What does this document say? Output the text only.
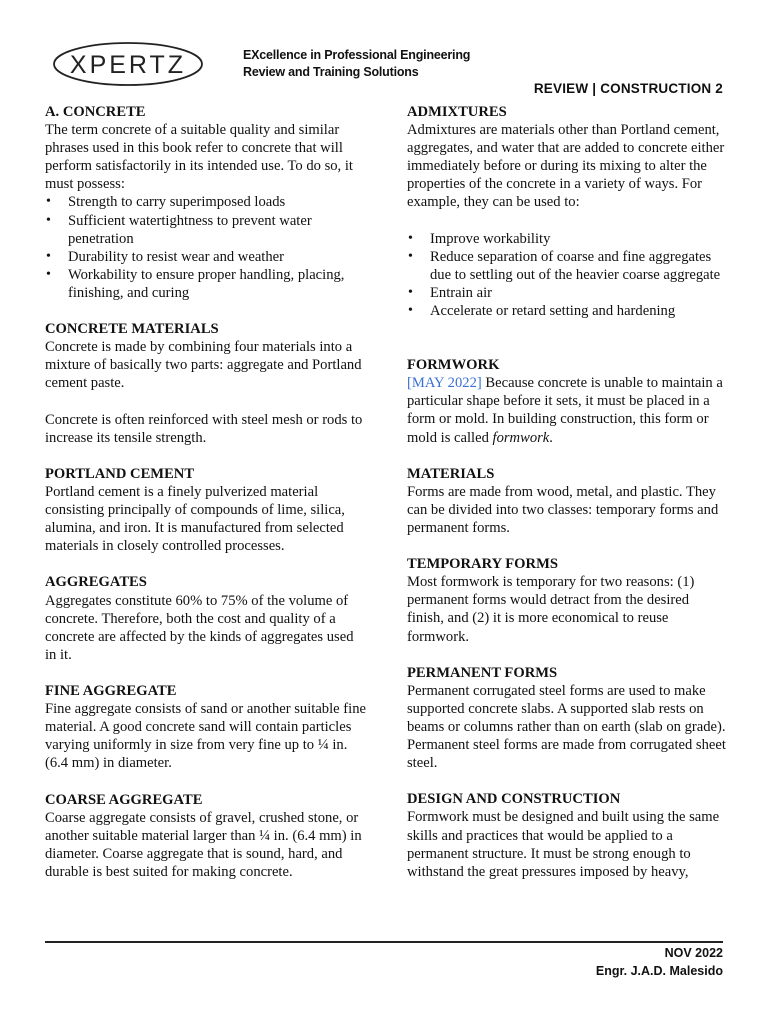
XPERTZ	EXcellence in Professional Engineering
Review and Training Solutions
REVIEW | CONSTRUCTION 2

A. CONCRETE

The term concrete of a suitable quality and similar phrases used in this book refer to concrete that will perform satisfactorily in its intended use. To do so, it must possess:

• Strength to carry superimposed loads
• Sufficient watertightness to prevent water penetration
• Durability to resist wear and weather
• Workability to ensure proper handling, placing, finishing, and curing

CONCRETE MATERIALS

Concrete is made by combining four materials into a mixture of basically two parts: aggregate and Portland cement paste.

Concrete is often reinforced with steel mesh or rods to increase its tensile strength.

PORTLAND CEMENT

Portland cement is a finely pulverized material consisting principally of compounds of lime, silica, alumina, and iron. It is manufactured from selected materials in closely controlled processes.

AGGREGATES

Aggregates constitute 60% to 75% of the volume of concrete. Therefore, both the cost and quality of a concrete are affected by the kinds of aggregates used in it.

FINE AGGREGATE

Fine aggregate consists of sand or another suitable fine material. A good concrete sand will contain particles varying uniformly in size from very fine up to ¼ in. (6.4 mm) in diameter.

COARSE AGGREGATE

Coarse aggregate consists of gravel, crushed stone, or another suitable material larger than ¼ in. (6.4 mm) in diameter. Coarse aggregate that is sound, hard, and durable is best suited for making concrete.

ADMIXTURES

Admixtures are materials other than Portland cement, aggregates, and water that are added to concrete either immediately before or during its mixing to alter the properties of the concrete in a variety of ways. For example, they can be used to:

• Improve workability
• Reduce separation of coarse and fine aggregates due to settling out of the heavier coarse aggregate
• Entrain air
• Accelerate or retard setting and hardening

FORMWORK

[MAY 2022] Because concrete is unable to maintain a particular shape before it sets, it must be placed in a form or mold. In building construction, this form or mold is called formwork.

MATERIALS

Forms are made from wood, metal, and plastic. They can be divided into two classes: temporary forms and permanent forms.

TEMPORARY FORMS

Most formwork is temporary for two reasons: (1) permanent forms would detract from the desired finish, and (2) it is more economical to reuse formwork.

PERMANENT FORMS

Permanent corrugated steel forms are used to make supported concrete slabs. A supported slab rests on beams or columns rather than on earth (slab on grade). Permanent steel forms are made from corrugated sheet steel.

DESIGN AND CONSTRUCTION

Formwork must be designed and built using the same skills and practices that would be applied to a permanent structure. It must be strong enough to withstand the great pressures imposed by heavy,

NOV 2022
Engr. J.A.D. Malesido
